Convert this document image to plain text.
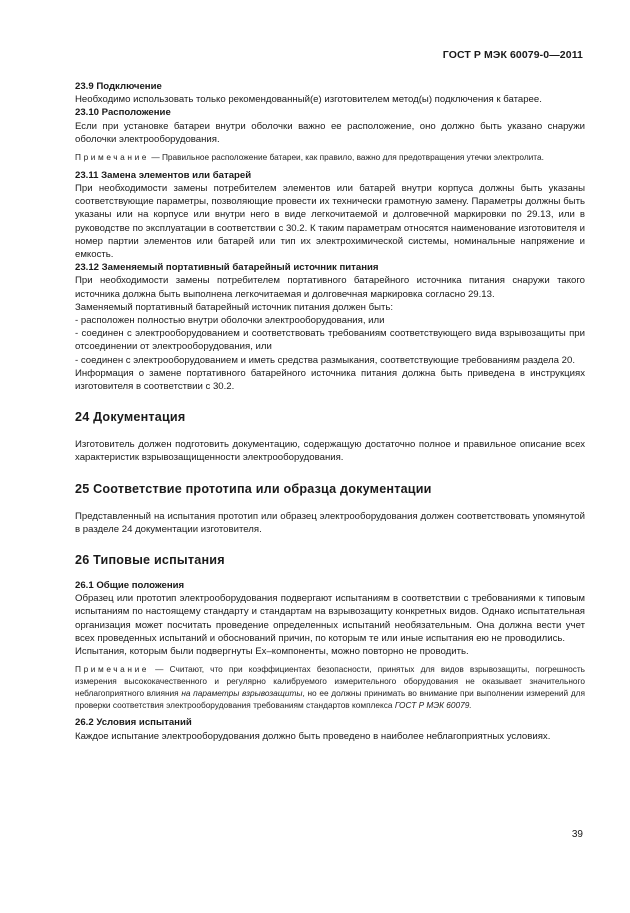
ГОСТ Р МЭК 60079-0—2011
23.9 Подключение

Необходимо использовать только рекомендованный(е) изготовителем метод(ы) подключения к батарее.

23.10 Расположение

Если при установке батареи внутри оболочки важно ее расположение, оно должно быть указано снаружи оболочки электрооборудования.

Примечание — Правильное расположение батареи, как правило, важно для предотвращения утечки электролита.

23.11 Замена элементов или батарей

При необходимости замены потребителем элементов или батарей внутри корпуса должны быть указаны соответствующие параметры, позволяющие провести их технически грамотную замену. Параметры должны быть указаны или на корпусе или внутри него в виде легкочитаемой и долговечной маркировки по 29.13, или в руководстве по эксплуатации в соответствии с 30.2. К таким параметрам относятся наименование изготовителя и номер партии элементов или батарей или тип их электрохимической системы, номинальные напряжение и емкость.

23.12 Заменяемый портативный батарейный источник питания

При необходимости замены потребителем портативного батарейного источника питания снаружи такого источника должна быть выполнена легкочитаемая и долговечная маркировка согласно 29.13.

Заменяемый портативный батарейный источник питания должен быть:

- расположен полностью внутри оболочки электрооборудования, или

- соединен с электрооборудованием и соответствовать требованиям соответствующего вида взрывозащиты при отсоединении от электрооборудования, или

- соединен с электрооборудованием и иметь средства размыкания, соответствующие требованиям раздела 20.

Информация о замене портативного батарейного источника питания должна быть приведена в инструкциях изготовителя в соответствии с 30.2.

24 Документация

Изготовитель должен подготовить документацию, содержащую достаточно полное и правильное описание всех характеристик взрывозащищенности электрооборудования.

25 Соответствие прототипа или образца документации

Представленный на испытания прототип или образец электрооборудования должен соответствовать упомянутой в разделе 24 документации изготовителя.

26 Типовые испытания
26.1 Общие положения

Образец или прототип электрооборудования подвергают испытаниям в соответствии с требованиями к типовым испытаниям по настоящему стандарту и стандартам на взрывозащиту конкретных видов. Однако испытательная организация может посчитать проведение определенных испытаний необязательным. Она должна вести учет всех проведенных испытаний и обоснований причин, по которым те или иные испытания ею не проводились.

Испытания, которым были подвергнуты Ex–компоненты, можно повторно не проводить.

Примечание — Считают, что при коэффициентах безопасности, принятых для видов взрывозащиты, погрешность измерения высококачественного и регулярно калибруемого измерительного оборудования не оказывает значительного неблагоприятного влияния на параметры взрывозащиты, но ее должны принимать во внимание при выполнении измерений для проверки соответствия электрооборудования требованиям стандартов комплекса ГОСТ Р МЭК 60079.

26.2 Условия испытаний

Каждое испытание электрооборудования должно быть проведено в наиболее неблагоприятных условиях.

39
